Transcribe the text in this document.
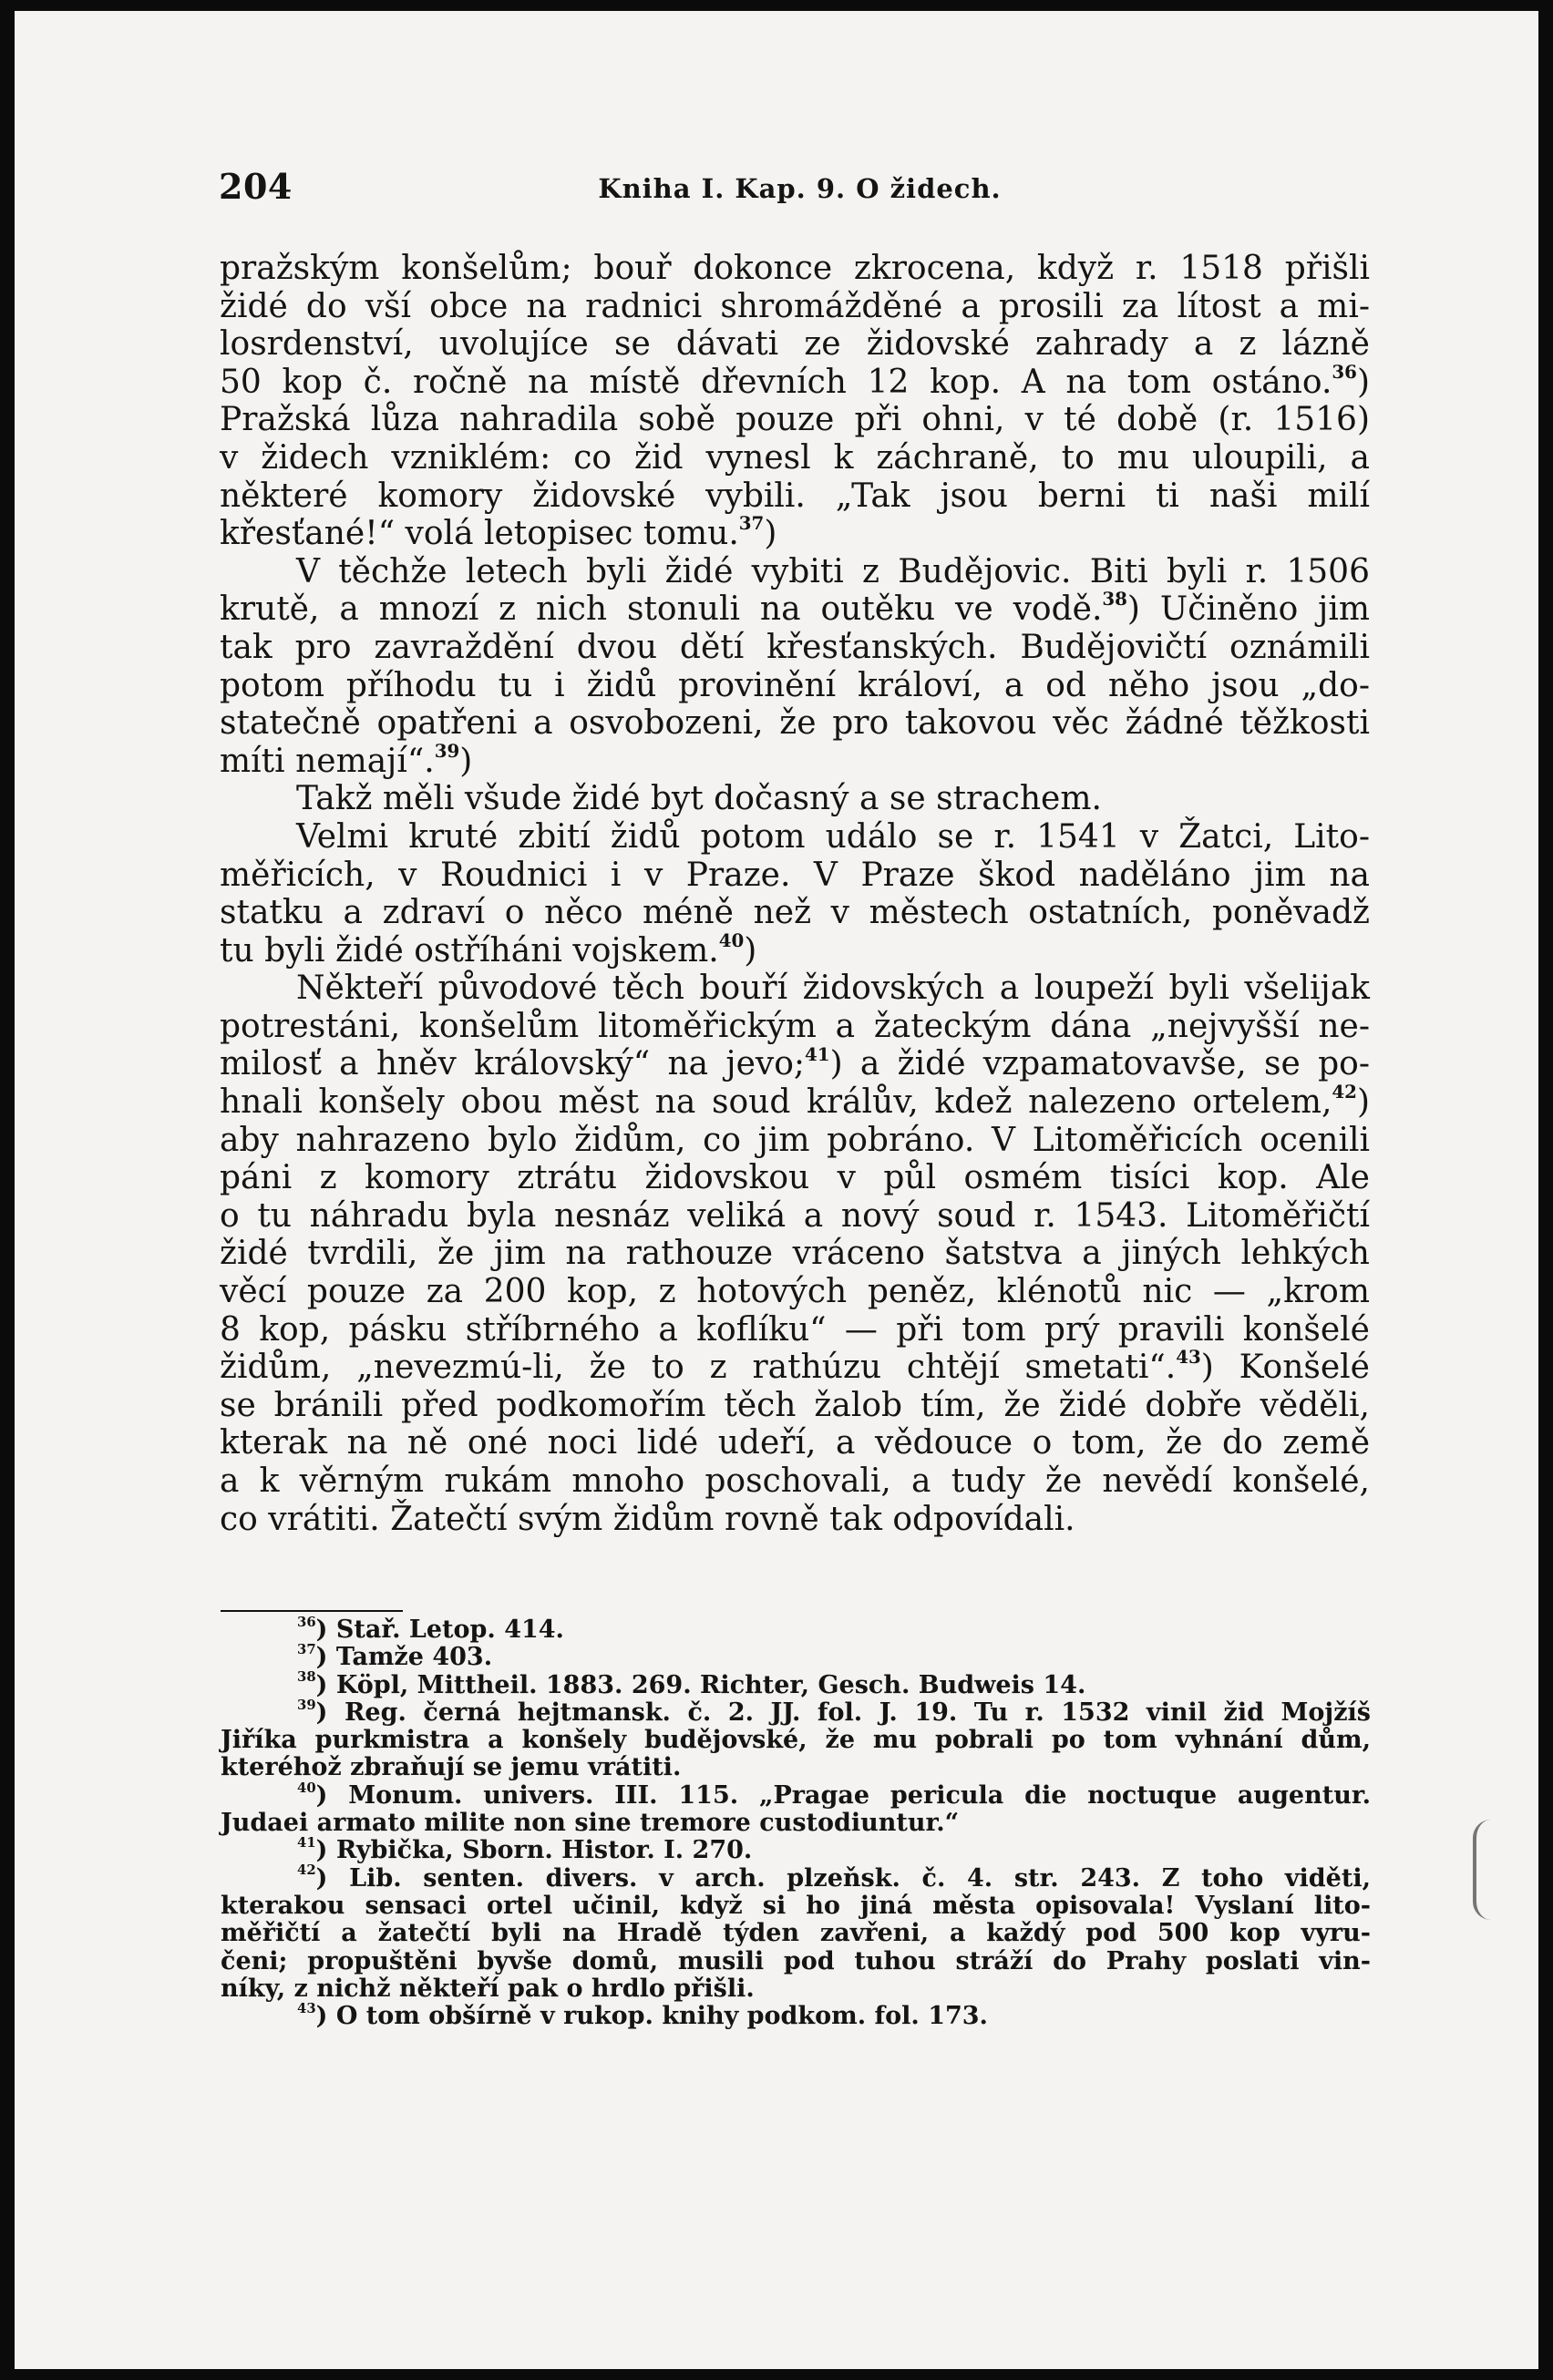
204	Kniha I. Kap. 9. O židech.
pražským konšelům; bouř dokonce zkrocena, když r. 1518 přišli
židé do vší obce na radnici shromážděné a prosili za lítost a mi-
losrdenství, uvolujíce se dávati ze židovské zahrady a z lázně
50 kop č. ročně na místě dřevních 12 kop. A na tom ostáno.$^{36}$)
Pražská lůza nahradila sobě pouze při ohni, v té době (r. 1516)
v židech vzniklém: co žid vynesl k záchraně, to mu uloupili, a
některé komory židovské vybili. „Tak jsou berni ti naši milí
křesťané!“ volá letopisec tomu.$^{37}$)
V těchže letech byli židé vybiti z Budějovic. Biti byli r. 1506
krutě, a mnozí z nich stonuli na outěku ve vodě.$^{38}$) Učiněno jim
tak pro zavraždění dvou dětí křesťanských. Budějovičtí oznámili
potom příhodu tu i židů provinění královí, a od něho jsou „do-
statečně opatřeni a osvobozeni, že pro takovou věc žádné těžkosti
míti nemají“.$^{39}$)
Takž měli všude židé byt dočasný a se strachem.
Velmi kruté zbití židů potom událo se r. 1541 v Žatci, Lito-
měřicích, v Roudnici i v Praze. V Praze škod naděláno jim na
statku a zdraví o něco méně než v městech ostatních, poněvadž
tu byli židé ostříháni vojskem.$^{40}$)
Někteří původové těch bouří židovských a loupeží byli všelijak
potrestáni, konšelům litoměřickým a žateckým dána „nejvyšší ne-
milosť a hněv královský“ na jevo;$^{41}$) a židé vzpamatovavše, se po-
hnali konšely obou měst na soud králův, kdež nalezeno ortelem,$^{42}$)
aby nahrazeno bylo židům, co jim pobráno. V Litoměřicích ocenili
páni z komory ztrátu židovskou v půl osmém tisíci kop. Ale
o tu náhradu byla nesnáz veliká a nový soud r. 1543. Litoměřičtí
židé tvrdili, že jim na rathouze vráceno šatstva a jiných lehkých
věcí pouze za 200 kop, z hotových peněz, klénotů nic — „krom
8 kop, pásku stříbrného a koflíku“ — při tom prý pravili konšelé
židům, „nevezmú-li, že to z rathúzu chtějí smetati“.$^{43}$) Konšelé
se bránili před podkomořím těch žalob tím, že židé dobře věděli,
kterak na ně oné noci lidé udeří, a vědouce o tom, že do země
a k věrným rukám mnoho poschovali, a tudy že nevědí konšelé,
co vrátiti. Žatečtí svým židům rovně tak odpovídali.
$^{36}$) Stař. Letop. 414.
$^{37}$) Tamže 403.
$^{38}$) Köpl, Mittheil. 1883. 269. Richter, Gesch. Budweis 14.
$^{39}$) Reg. černá hejtmansk. č. 2. JJ. fol. J. 19. Tu r. 1532 vinil žid Mojžíš
Jiříka purkmistra a konšely budějovské, že mu pobrali po tom vyhnání dům,
kteréhož zbraňují se jemu vrátiti.
$^{40}$) Monum. univers. III. 115. „Pragae pericula die noctuque augentur.
Judaei armato milite non sine tremore custodiuntur.“
$^{41}$) Rybička, Sborn. Histor. I. 270.
$^{42}$) Lib. senten. divers. v arch. plzeňsk. č. 4. str. 243. Z toho viděti,
kterakou sensaci ortel učinil, když si ho jiná města opisovala! Vyslaní lito-
měřičtí a žatečtí byli na Hradě týden zavřeni, a každý pod 500 kop vyru-
čeni; propuštěni byvše domů, musili pod tuhou stráží do Prahy poslati vin-
níky, z nichž někteří pak o hrdlo přišli.
$^{43}$) O tom obšírně v rukop. knihy podkom. fol. 173.
